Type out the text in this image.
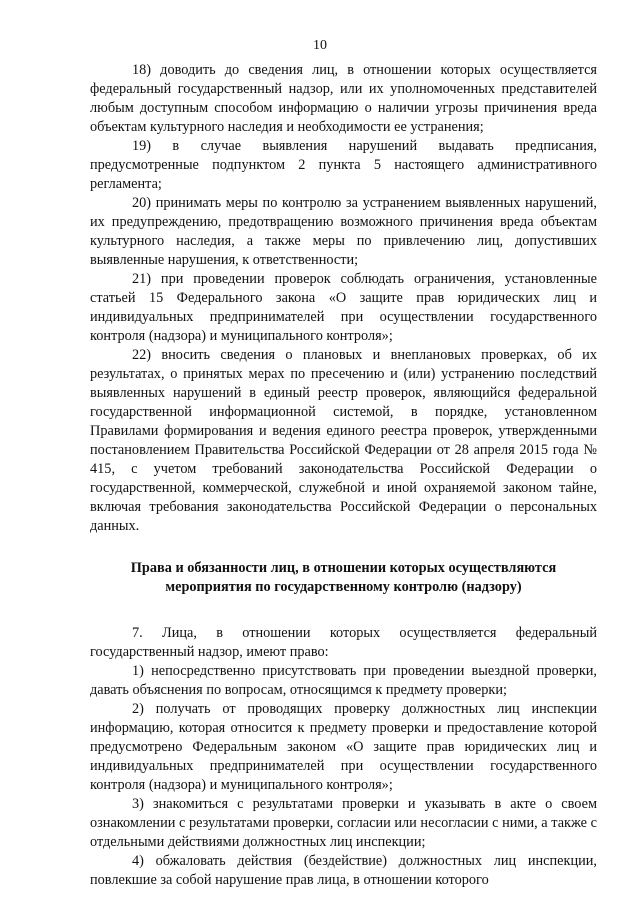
10

18) доводить до сведения лиц, в отношении которых осуществляется федеральный государственный надзор, или их уполномоченных представителей любым доступным способом информацию о наличии угрозы причинения вреда объектам культурного наследия и необходимости ее устранения;

19) в случае выявления нарушений выдавать предписания, предусмотренные подпунктом 2 пункта 5 настоящего административного регламента;

20) принимать меры по контролю за устранением выявленных нарушений, их предупреждению, предотвращению возможного причинения вреда объектам культурного наследия, а также меры по привлечению лиц, допустивших выявленные нарушения, к ответственности;

21) при проведении проверок соблюдать ограничения, установленные статьей 15 Федерального закона «О защите прав юридических лиц и индивидуальных предпринимателей при осуществлении государственного контроля (надзора) и муниципального контроля»;

22) вносить сведения о плановых и внеплановых проверках, об их результатах, о принятых мерах по пресечению и (или) устранению последствий выявленных нарушений в единый реестр проверок, являющийся федеральной государственной информационной системой, в порядке, установленном Правилами формирования и ведения единого реестра проверок, утвержденными постановлением Правительства Российской Федерации от 28 апреля 2015 года № 415, с учетом требований законодательства Российской Федерации о государственной, коммерческой, служебной и иной охраняемой законом тайне, включая требования законодательства Российской Федерации о персональных данных.

Права и обязанности лиц, в отношении которых осуществляются мероприятия по государственному контролю (надзору)

7. Лица, в отношении которых осуществляется федеральный государственный надзор, имеют право:

1) непосредственно присутствовать при проведении выездной проверки, давать объяснения по вопросам, относящимся к предмету проверки;

2) получать от проводящих проверку должностных лиц инспекции информацию, которая относится к предмету проверки и предоставление которой предусмотрено Федеральным законом «О защите прав юридических лиц и индивидуальных предпринимателей при осуществлении государственного контроля (надзора) и муниципального контроля»;

3) знакомиться с результатами проверки и указывать в акте о своем ознакомлении с результатами проверки, согласии или несогласии с ними, а также с отдельными действиями должностных лиц инспекции;

4) обжаловать действия (бездействие) должностных лиц инспекции, повлекшие за собой нарушение прав лица, в отношении которого
